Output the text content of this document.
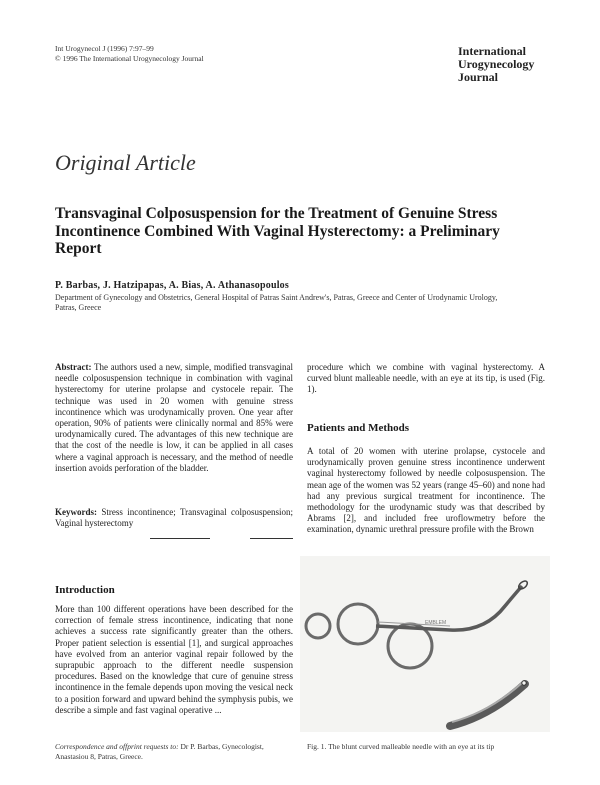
Int Urogynecol J (1996) 7:97–99
© 1996 The International Urogynecology Journal
International
Urogynecology
Journal
Original Article
Transvaginal Colposuspension for the Treatment of Genuine Stress
Incontinence Combined With Vaginal Hysterectomy: a Preliminary
Report
P. Barbas, J. Hatzipapas, A. Bias, A. Athanasopoulos
Department of Gynecology and Obstetrics, General Hospital of Patras Saint Andrew's, Patras, Greece and Center of Urodynamic Urology,
Patras, Greece
Abstract: The authors used a new, simple, modified transvaginal needle colposuspension technique in combination with vaginal hysterectomy for uterine prolapse and cystocele repair. The technique was used in 20 women with genuine stress incontinence which was urodynamically proven. One year after operation, 90% of patients were clinically normal and 85% were urodynamically cured. The advantages of this new technique are that the cost of the needle is low, it can be applied in all cases where a vaginal approach is necessary, and the method of needle insertion avoids perforation of the bladder.
Keywords: Stress incontinence; Transvaginal colposuspension; Vaginal hysterectomy
Introduction
More than 100 different operations have been described for the correction of female stress incontinence, indicating that none achieves a success rate significantly greater than the others. Proper patient selection is essential [1], and surgical approaches have evolved from an anterior vaginal repair followed by the suprapubic approach to the different needle suspension procedures. Based on the knowledge that cure of genuine stress incontinence in the female depends upon moving the vesical neck to a position forward and upward behind the symphysis pubis, we describe a simple and fast vaginal operative ...
Correspondence and offprint requests to: Dr P. Barbas, Gynecologist, Anastasiou 8, Patras, Greece.
procedure which we combine with vaginal hysterectomy. A curved blunt malleable needle, with an eye at its tip, is used (Fig. 1).
Patients and Methods
A total of 20 women with uterine prolapse, cystocele and urodynamically proven genuine stress incontinence underwent vaginal hysterectomy followed by needle colposuspension. The mean age of the women was 52 years (range 45–60) and none had had any previous surgical treatment for incontinence. The methodology for the urodynamic study was that described by Abrams [2], and included free uroflowmetry before the examination, dynamic urethral pressure profile with the Brown
EMBLEM
Fig. 1. The blunt curved malleable needle with an eye at its tip
